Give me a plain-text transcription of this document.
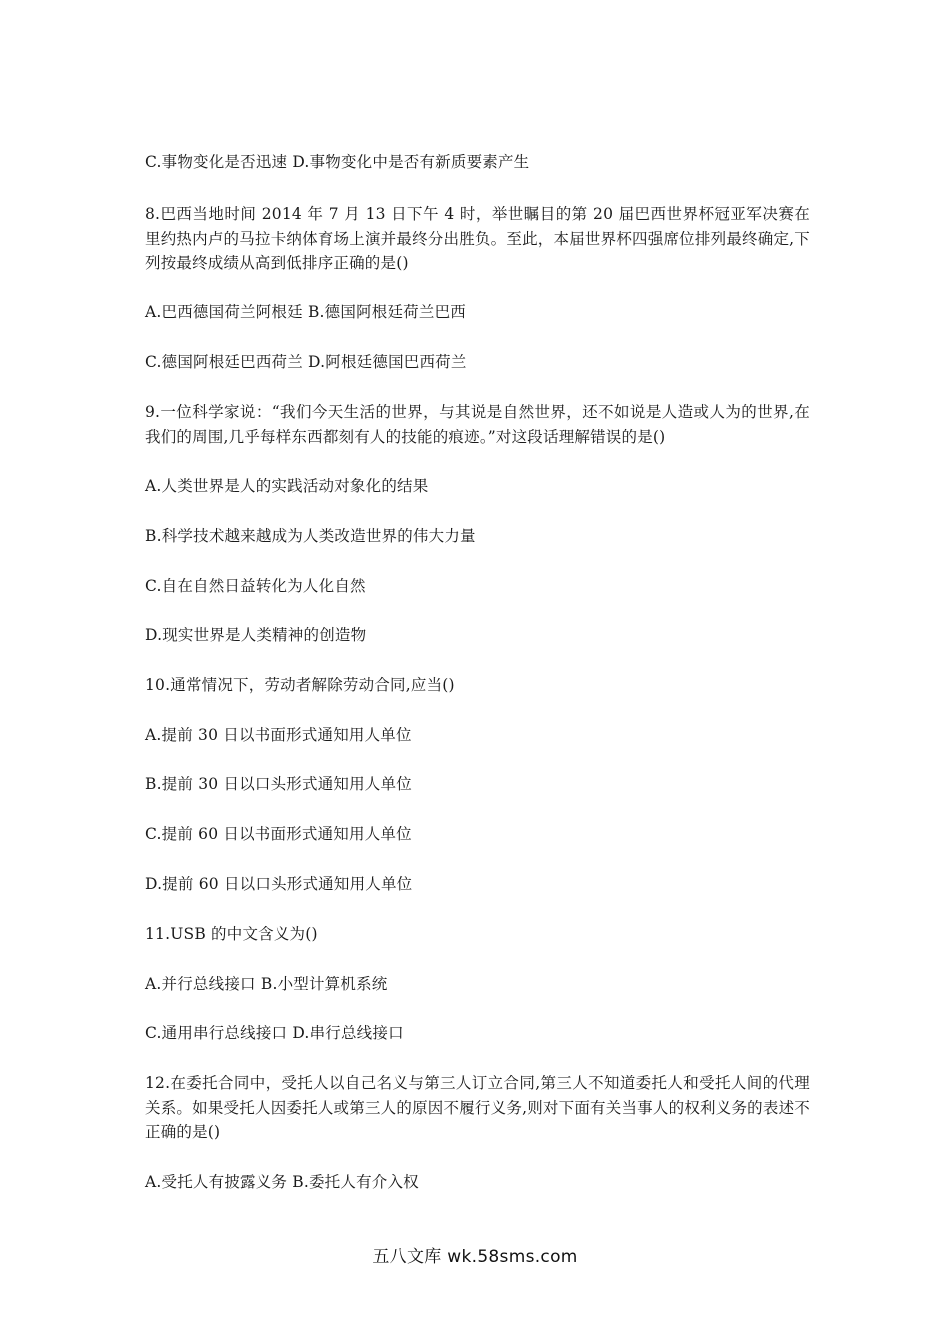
C.事物变化是否迅速 D.事物变化中是否有新质要素产生
8.巴西当地时间 2014 年 7 月 13 日下午 4 时，举世瞩目的第 20 届巴西世界杯冠亚军决赛在里约热内卢的马拉卡纳体育场上演并最终分出胜负。至此，本届世界杯四强席位排列最终确定,下列按最终成绩从高到低排序正确的是()
A.巴西德国荷兰阿根廷 B.德国阿根廷荷兰巴西
C.德国阿根廷巴西荷兰 D.阿根廷德国巴西荷兰
9.一位科学家说：“我们今天生活的世界，与其说是自然世界，还不如说是人造或人为的世界,在我们的周围,几乎每样东西都刻有人的技能的痕迹。”对这段话理解错误的是()
A.人类世界是人的实践活动对象化的结果
B.科学技术越来越成为人类改造世界的伟大力量
C.自在自然日益转化为人化自然
D.现实世界是人类精神的创造物
10.通常情况下，劳动者解除劳动合同,应当()
A.提前 30 日以书面形式通知用人单位
B.提前 30 日以口头形式通知用人单位
C.提前 60 日以书面形式通知用人单位
D.提前 60 日以口头形式通知用人单位
11.USB 的中文含义为()
A.并行总线接口 B.小型计算机系统
C.通用串行总线接口 D.串行总线接口
12.在委托合同中，受托人以自己名义与第三人订立合同,第三人不知道委托人和受托人间的代理关系。如果受托人因委托人或第三人的原因不履行义务,则对下面有关当事人的权利义务的表述不正确的是()
A.受托人有披露义务 B.委托人有介入权
五八文库 wk.58sms.com
